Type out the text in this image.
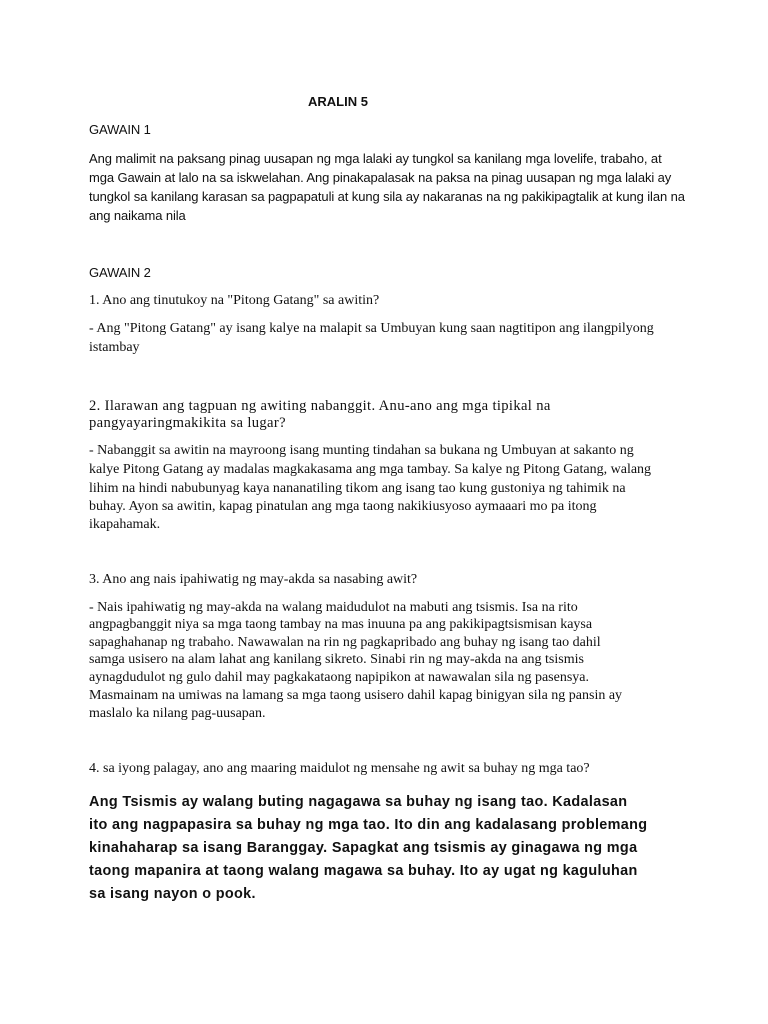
ARALIN 5

GAWAIN 1

Ang malimit na paksang pinag uusapan ng mga lalaki ay tungkol sa kanilang mga lovelife, trabaho, at

mga Gawain at lalo na sa iskwelahan. Ang pinakapalasak na paksa na pinag uusapan ng mga lalaki ay

tungkol sa kanilang karasan sa pagpapatuli at kung sila ay nakaranas na ng pakikipagtalik at kung ilan na

ang naikama nila

GAWAIN 2

1. Ano ang tinutukoy na "Pitong Gatang" sa awitin?

- Ang "Pitong Gatang" ay isang kalye na malapit sa Umbuyan kung saan nagtitipon ang ilangpilyong

istambay

2. Ilarawan ang tagpuan ng awiting nabanggit. Anu-ano ang mga tipikal na

pangyayaringmakikita sa lugar?

- Nabanggit sa awitin na mayroong isang munting tindahan sa bukana ng Umbuyan at sakanto ng

kalye Pitong Gatang ay madalas magkakasama ang mga tambay. Sa kalye ng Pitong Gatang, walang

lihim na hindi nabubunyag kaya nananatiling tikom ang isang tao kung gustoniya ng tahimik na

buhay. Ayon sa awitin, kapag pinatulan ang mga taong nakikiusyoso aymaaari mo pa itong

ikapahamak.

3. Ano ang nais ipahiwatig ng may-akda sa nasabing awit?

- Nais ipahiwatig ng may-akda na walang maidudulot na mabuti ang tsismis. Isa na rito

angpagbanggit niya sa mga taong tambay na mas inuuna pa ang pakikipagtsismisan kaysa

sapaghahanap ng trabaho. Nawawalan na rin ng pagkapribado ang buhay ng isang tao dahil

samga usisero na alam lahat ang kanilang sikreto. Sinabi rin ng may-akda na ang tsismis

aynagdudulot ng gulo dahil may pagkakataong napipikon at nawawalan sila ng pasensya.

Masmainam na umiwas na lamang sa mga taong usisero dahil kapag binigyan sila ng pansin ay

maslalo ka nilang pag-uusapan.

4. sa iyong palagay, ano ang maaring maidulot ng mensahe ng awit sa buhay ng mga tao?

Ang Tsismis ay walang buting nagagawa sa buhay ng isang tao. Kadalasan

ito ang nagpapasira sa buhay ng mga tao. Ito din ang kadalasang problemang

kinahaharap sa isang Baranggay. Sapagkat ang tsismis ay ginagawa ng mga

taong mapanira at taong walang magawa sa buhay. Ito ay ugat ng kaguluhan

sa isang nayon o pook.
